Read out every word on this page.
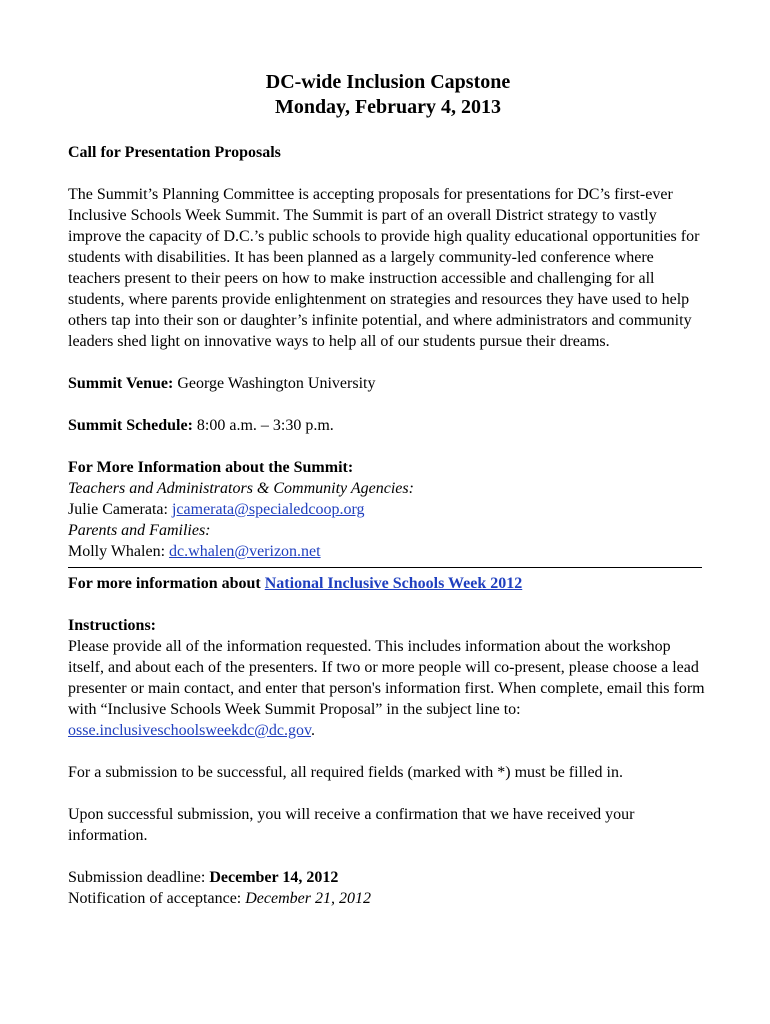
DC-wide Inclusion Capstone
Monday, February 4, 2013

Call for Presentation Proposals

The Summit’s Planning Committee is accepting proposals for presentations for DC’s first-ever Inclusive Schools Week Summit. The Summit is part of an overall District strategy to vastly improve the capacity of D.C.’s public schools to provide high quality educational opportunities for students with disabilities. It has been planned as a largely community-led conference where teachers present to their peers on how to make instruction accessible and challenging for all students, where parents provide enlightenment on strategies and resources they have used to help others tap into their son or daughter’s infinite potential, and where administrators and community leaders shed light on innovative ways to help all of our students pursue their dreams.

Summit Venue: George Washington University

Summit Schedule: 8:00 a.m. – 3:30 p.m.

For More Information about the Summit:

Teachers and Administrators & Community Agencies:

Julie Camerata: jcamerata@specialedcoop.org

Parents and Families:

Molly Whalen: dc.whalen@verizon.net

For more information about National Inclusive Schools Week 2012

Instructions:

Please provide all of the information requested. This includes information about the workshop itself, and about each of the presenters. If two or more people will co-present, please choose a lead presenter or main contact, and enter that person's information first. When complete, email this form with “Inclusive Schools Week Summit Proposal” in the subject line to: osse.inclusiveschoolsweekdc@dc.gov.

For a submission to be successful, all required fields (marked with *) must be filled in.

Upon successful submission, you will receive a confirmation that we have received your information.

Submission deadline: December 14, 2012

Notification of acceptance: December 21, 2012
